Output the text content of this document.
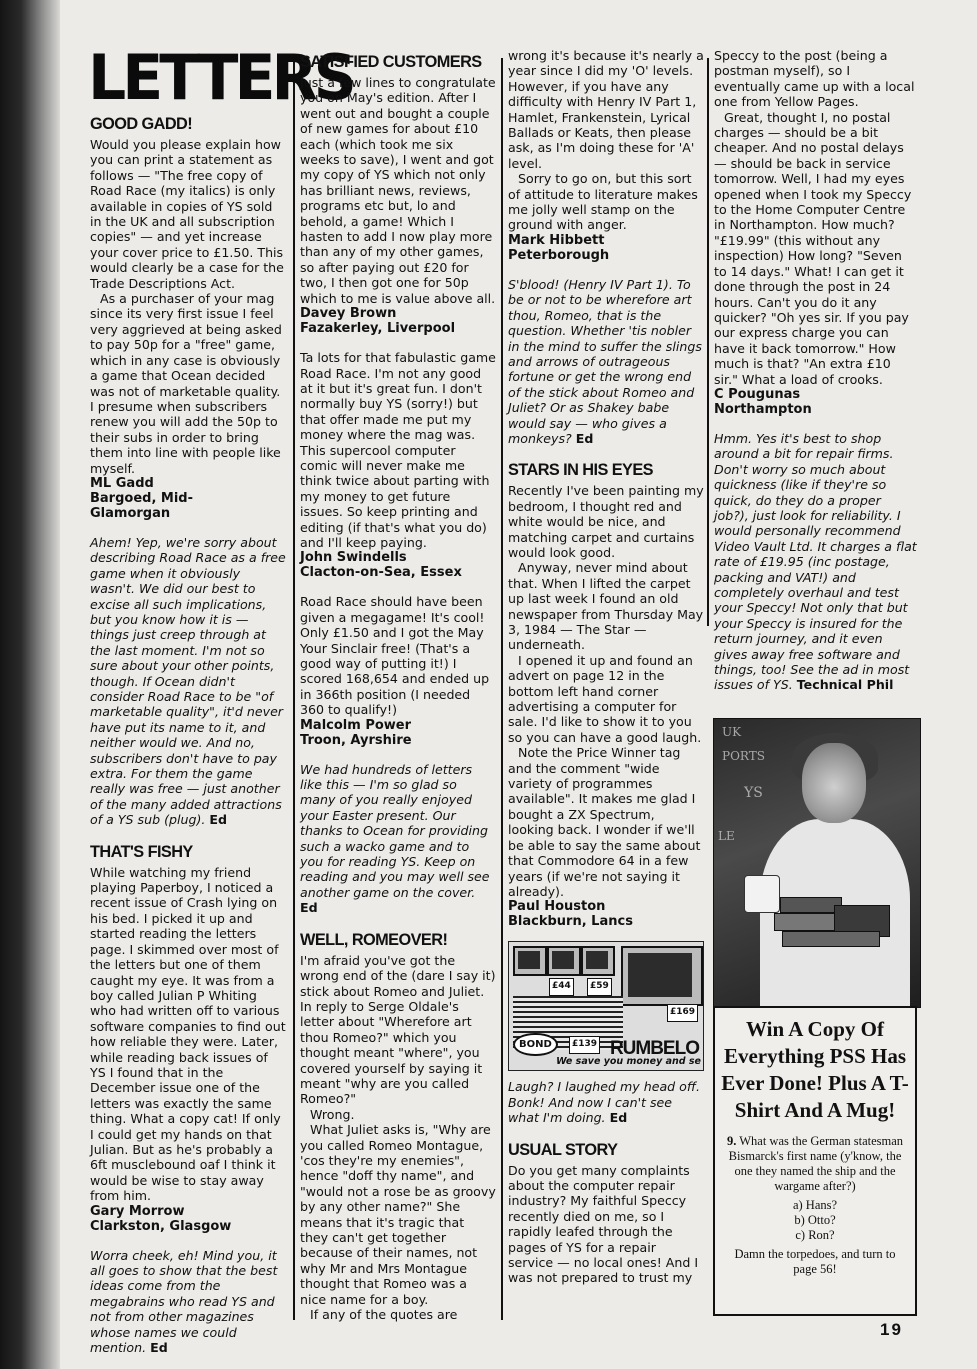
LETTERS
GOOD GADD!

Would you please explain how you can print a statement as follows — "The free copy of Road Race (my italics) is only available in copies of YS sold in the UK and all subscription copies" — and yet increase your cover price to £1.50. This would clearly be a case for the Trade Descriptions Act.

As a purchaser of your mag since its very first issue I feel very aggrieved at being asked to pay 50p for a "free" game, which in any case is obviously a game that Ocean decided was not of marketable quality. I presume when subscribers renew you will add the 50p to their subs in order to bring them into line with people like myself.

ML Gadd
Bargoed, Mid-
Glamorgan

Ahem! Yep, we're sorry about describing Road Race as a free game when it obviously wasn't. We did our best to excise all such implications, but you know how it is — things just creep through at the last moment. I'm not so sure about your other points, though. If Ocean didn't consider Road Race to be "of marketable quality", it'd never have put its name to it, and neither would we. And no, subscribers don't have to pay extra. For them the game really was free — just another of the many added attractions of a YS sub (plug). Ed

THAT'S FISHY

While watching my friend playing Paperboy, I noticed a recent issue of Crash lying on his bed. I picked it up and started reading the letters page. I skimmed over most of the letters but one of them caught my eye. It was from a boy called Julian P Whiting who had written off to various software companies to find out how reliable they were. Later, while reading back issues of YS I found that in the December issue one of the letters was exactly the same thing. What a copy cat! If only I could get my hands on that Julian. But as he's probably a 6ft musclebound oaf I think it would be wise to stay away from him.

Gary Morrow
Clarkston, Glasgow

Worra cheek, eh! Mind you, it all goes to show that the best ideas come from the megabrains who read YS and not from other magazines whose names we could mention. Ed

SATISFIED CUSTOMERS

Just a few lines to congratulate you on May's edition. After I went out and bought a couple of new games for about £10 each (which took me six weeks to save), I went and got my copy of YS which not only has brilliant news, reviews, programs etc but, lo and behold, a game! Which I hasten to add I now play more than any of my other games, so after paying out £20 for two, I then got one for 50p which to me is value above all.

Davey Brown
Fazakerley, Liverpool

Ta lots for that fabulastic game Road Race. I'm not any good at it but it's great fun. I don't normally buy YS (sorry!) but that offer made me put my money where the mag was. This supercool computer comic will never make me think twice about parting with my money to get future issues. So keep printing and editing (if that's what you do) and I'll keep paying.

John Swindells
Clacton-on-Sea, Essex

Road Race should have been given a megagame! It's cool! Only £1.50 and I got the May Your Sinclair free! (That's a good way of putting it!) I scored 168,654 and ended up in 366th position (I needed 360 to qualify!)

Malcolm Power
Troon, Ayrshire

We had hundreds of letters like this — I'm so glad so many of you really enjoyed your Easter present. Our thanks to Ocean for providing such a wacko game and to you for reading YS. Keep on reading and you may well see another game on the cover. Ed

WELL, ROMEOVER!

I'm afraid you've got the wrong end of the (dare I say it) stick about Romeo and Juliet. In reply to Serge Oldale's letter about "Wherefore art thou Romeo?" which you thought meant "where", you covered yourself by saying it meant "why are you called Romeo?"

Wrong.

What Juliet asks is, "Why are you called Romeo Montague, 'cos they're my enemies", hence "doff thy name", and "would not a rose be as groovy by any other name?" She means that it's tragic that they can't get together because of their names, not why Mr and Mrs Montague thought that Romeo was a nice name for a boy.

If any of the quotes are

wrong it's because it's nearly a year since I did my 'O' levels. However, if you have any difficulty with Henry IV Part 1, Hamlet, Frankenstein, Lyrical Ballads or Keats, then please ask, as I'm doing these for 'A' level.

Sorry to go on, but this sort of attitude to literature makes me jolly well stamp on the ground with anger.

Mark Hibbett
Peterborough

S'blood! (Henry IV Part 1). To be or not to be wherefore art thou, Romeo, that is the question. Whether 'tis nobler in the mind to suffer the slings and arrows of outrageous fortune or get the wrong end of the stick about Romeo and Juliet? Or as Shakey babe would say — who gives a monkeys? Ed

STARS IN HIS EYES

Recently I've been painting my bedroom, I thought red and white would be nice, and matching carpet and curtains would look good.

Anyway, never mind about that. When I lifted the carpet up last week I found an old newspaper from Thursday May 3, 1984 — The Star — underneath.

I opened it up and found an advert on page 12 in the bottom left hand corner advertising a computer for sale. I'd like to show it to you so you can have a good laugh.

Note the Price Winner tag and the comment "wide variety of programmes available". It makes me glad I bought a ZX Spectrum, looking back. I wonder if we'll be able to say the same about that Commodore 64 in a few years (if we're not saying it already).

Paul Houston
Blackburn, Lancs
£44	£59
£169
£139
BOND	RUMBELO
We save you money and se

Laugh? I laughed my head off. Bonk! And now I can't see what I'm doing. Ed

USUAL STORY

Do you get many complaints about the computer repair industry? My faithful Speccy recently died on me, so I rapidly leafed through the pages of YS for a repair service — no local ones! And I was not prepared to trust my

Speccy to the post (being a postman myself), so I eventually came up with a local one from Yellow Pages.

Great, thought I, no postal charges — should be a bit cheaper. And no postal delays — should be back in service tomorrow. Well, I had my eyes opened when I took my Speccy to the Home Computer Centre in Northampton. How much? "£19.99" (this without any inspection) How long? "Seven to 14 days." What! I can get it done through the post in 24 hours. Can't you do it any quicker? "Oh yes sir. If you pay our express charge you can have it back tomorrow." How much is that? "An extra £10 sir." What a load of crooks.

C Pougunas
Northampton

Hmm. Yes it's best to shop around a bit for repair firms. Don't worry so much about quickness (like if they're so quick, do they do a proper job?), just look for reliability. I would personally recommend Video Vault Ltd. It charges a flat rate of £19.95 (inc postage, packing and VAT!) and completely overhaul and test your Speccy! Not only that but your Speccy is insured for the return journey, and it even gives away free software and things, too! See the ad in most issues of YS. Technical Phil

UK
PORTS
YS
LE
Win A Copy Of Everything PSS Has Ever Done! Plus A T-Shirt And A Mug!
9. What was the German statesman Bismarck's first name (y'know, the one they named the ship and the wargame after?)
a) Hans?
b) Otto?
c) Ron?
Damn the torpedoes, and turn to page 56!
19
